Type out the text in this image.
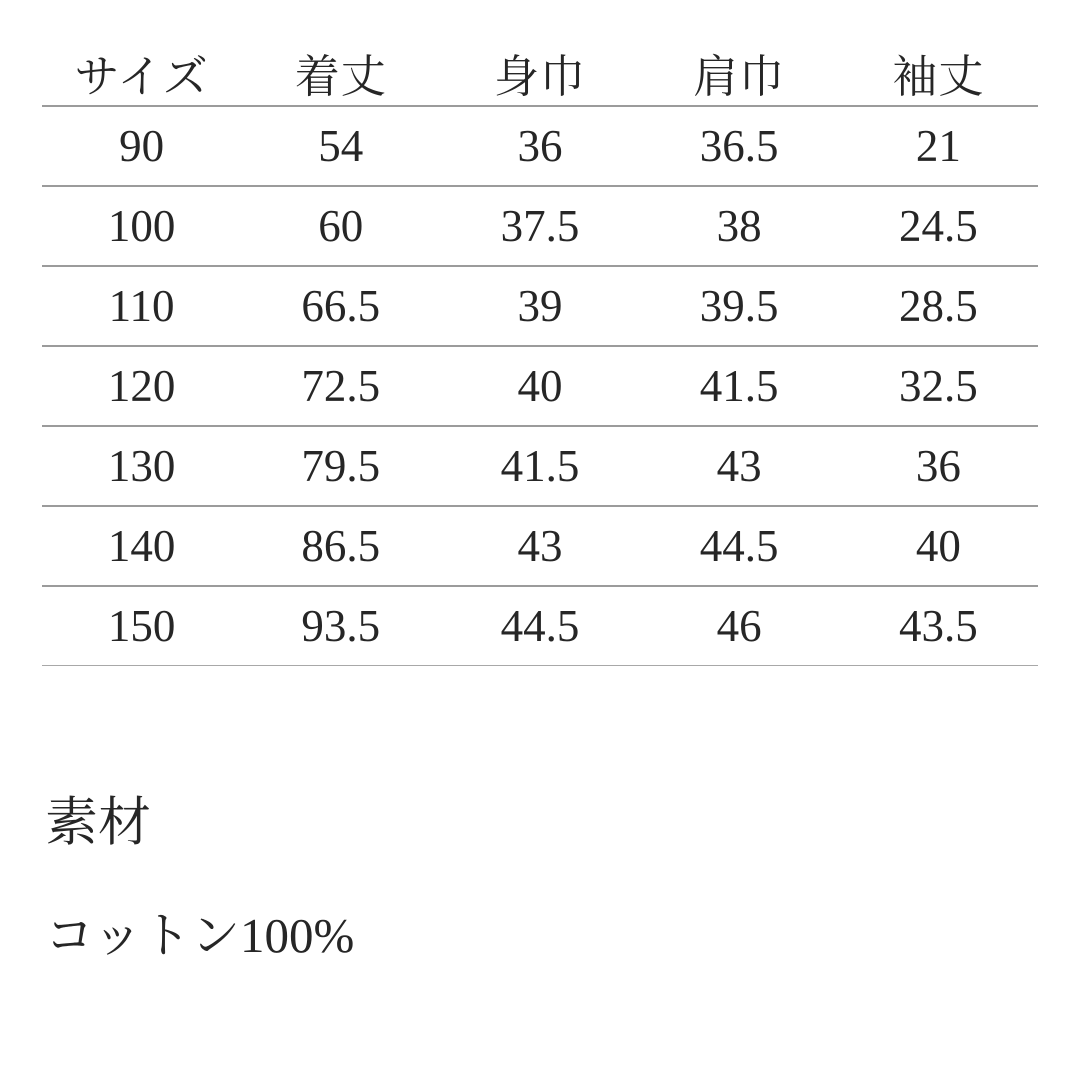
サイズ	着丈	身巾	肩巾	袖丈
90	54	36	36.5	21
100	60	37.5	38	24.5
110	66.5	39	39.5	28.5
120	72.5	40	41.5	32.5
130	79.5	41.5	43	36
140	86.5	43	44.5	40
150	93.5	44.5	46	43.5
素材
コットン100%
